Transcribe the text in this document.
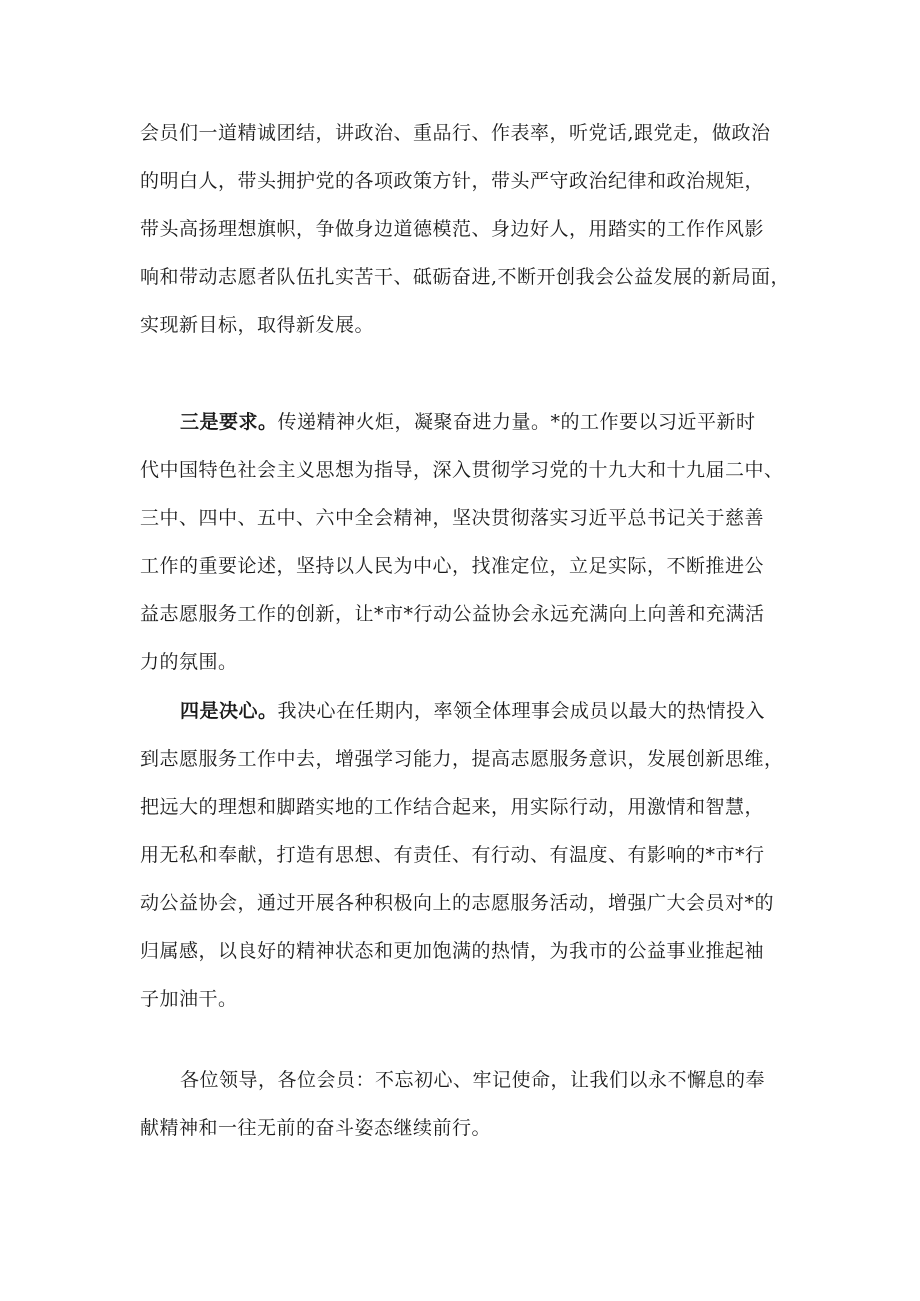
会员们一道精诚团结，讲政治、重品行、作表率，听党话,跟党走，做政治
的明白人，带头拥护党的各项政策方针，带头严守政治纪律和政治规矩，
带头高扬理想旗帜，争做身边道德模范、身边好人，用踏实的工作作风影
响和带动志愿者队伍扎实苦干、砥砺奋进,不断开创我会公益发展的新局面，
实现新目标，取得新发展。
三是要求。传递精神火炬，凝聚奋进力量。*的工作要以习近平新时
代中国特色社会主义思想为指导，深入贯彻学习党的十九大和十九届二中、
三中、四中、五中、六中全会精神，坚决贯彻落实习近平总书记关于慈善
工作的重要论述，坚持以人民为中心，找准定位，立足实际，不断推进公
益志愿服务工作的创新，让*市*行动公益协会永远充满向上向善和充满活
力的氛围。
四是决心。我决心在任期内，率领全体理事会成员以最大的热情投入
到志愿服务工作中去，增强学习能力，提高志愿服务意识，发展创新思维，
把远大的理想和脚踏实地的工作结合起来，用实际行动，用激情和智慧，
用无私和奉献，打造有思想、有责任、有行动、有温度、有影响的*市*行
动公益协会，通过开展各种积极向上的志愿服务活动，增强广大会员对*的
归属感，以良好的精神状态和更加饱满的热情，为我市的公益事业推起袖
子加油干。
各位领导，各位会员：不忘初心、牢记使命，让我们以永不懈息的奉
献精神和一往无前的奋斗姿态继续前行。
